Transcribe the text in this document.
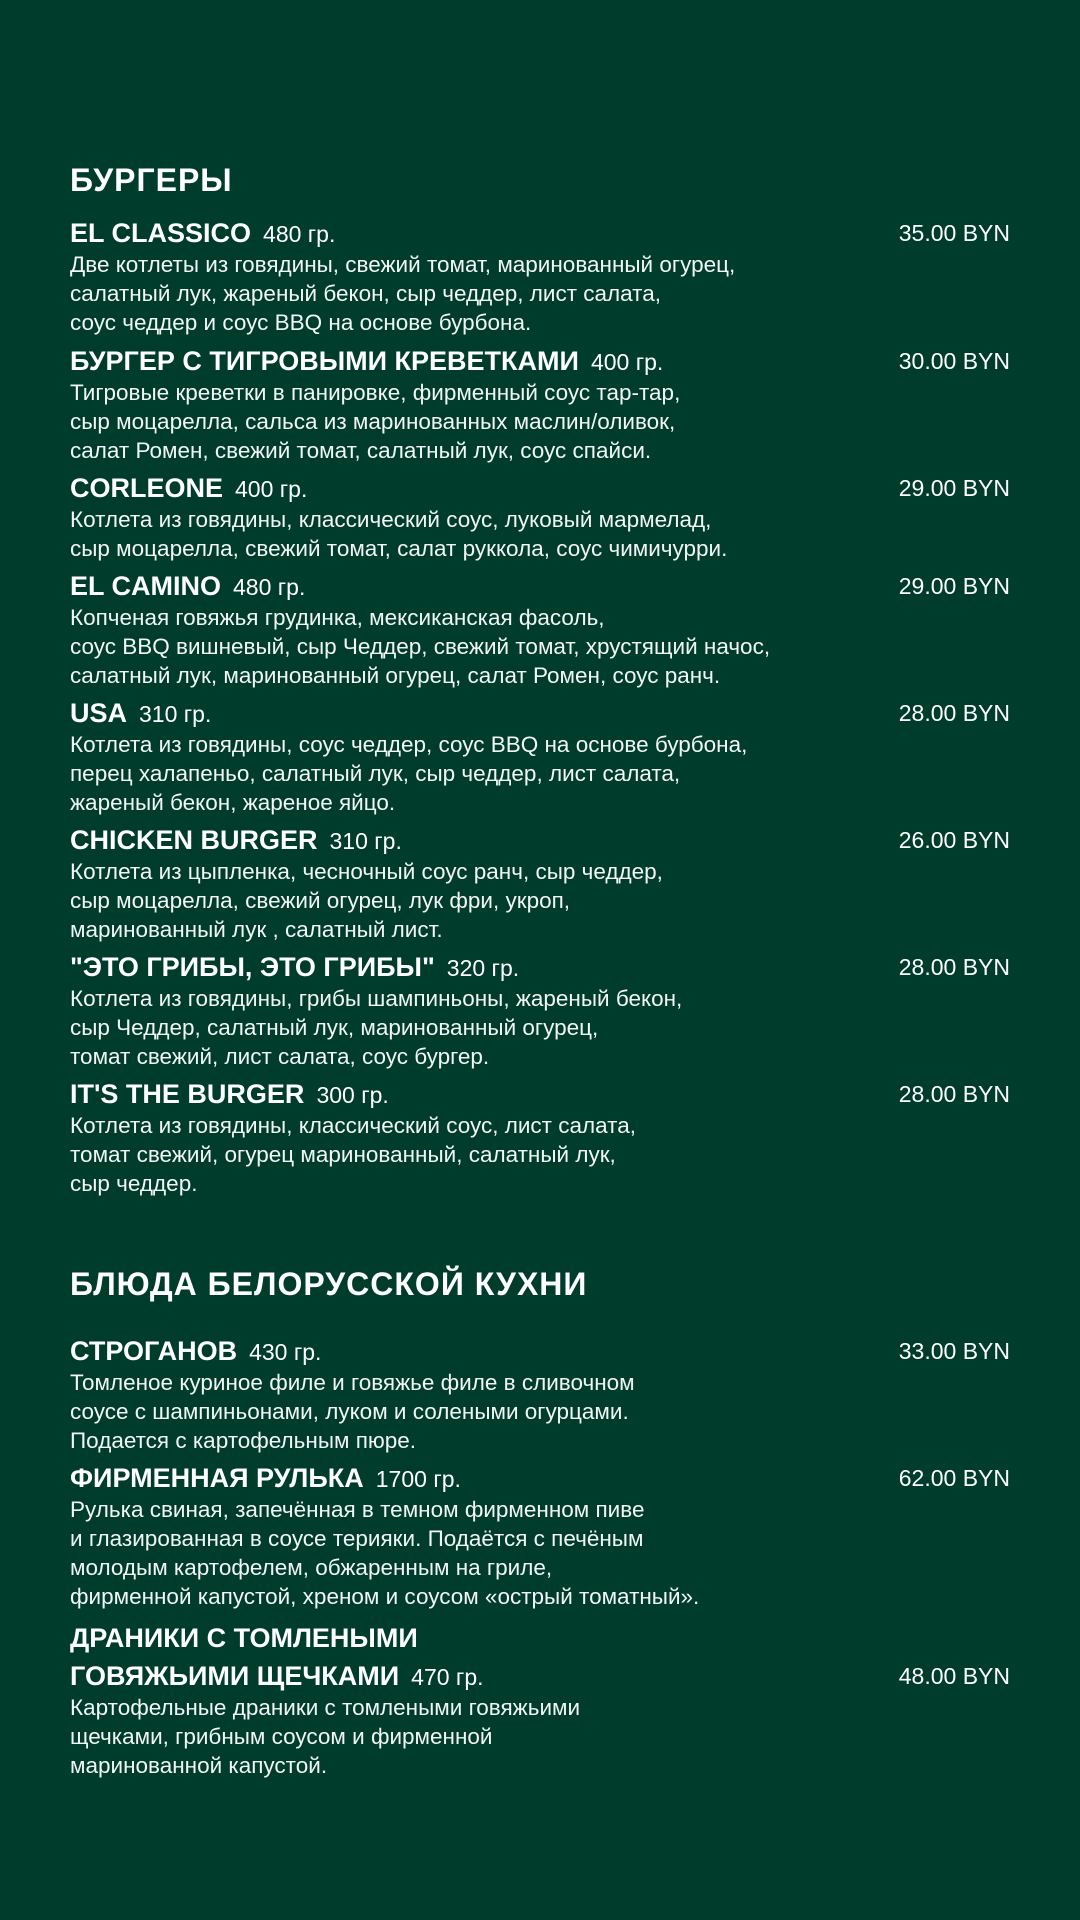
БУРГЕРЫ
EL CLASSICO 480 гр.	35.00 BYN

Две котлеты из говядины, свежий томат, маринованный огурец,
салатный лук, жареный бекон, сыр чеддер, лист салата,
соус чеддер и соус BBQ на основе бурбона.

БУРГЕР С ТИГРОВЫМИ КРЕВЕТКАМИ 400 гр.	30.00 BYN

Тигровые креветки в панировке, фирменный соус тар-тар,
сыр моцарелла, сальса из маринованных маслин/оливок,
салат Ромен, свежий томат, салатный лук, соус спайси.

CORLEONE 400 гр.	29.00 BYN

Котлета из говядины, классический соус, луковый мармелад,
сыр моцарелла, свежий томат, салат руккола, соус чимичурри.

EL CAMINO 480 гр.	29.00 BYN

Копченая говяжья грудинка, мексиканская фасоль,
соус BBQ вишневый, сыр Чеддер, свежий томат, хрустящий начос,
салатный лук, маринованный огурец, салат Ромен, соус ранч.

USA 310 гр.	28.00 BYN

Котлета из говядины, соус чеддер, соус BBQ на основе бурбона,
перец халапеньо, салатный лук, сыр чеддер, лист салата,
жареный бекон, жареное яйцо.

CHICKEN BURGER 310 гр.	26.00 BYN

Котлета из цыпленка, чесночный соус ранч, сыр чеддер,
сыр моцарелла, свежий огурец, лук фри, укроп,
маринованный лук , салатный лист.

"ЭТО ГРИБЫ, ЭТО ГРИБЫ" 320 гр.	28.00 BYN

Котлета из говядины, грибы шампиньоны, жареный бекон,
сыр Чеддер, салатный лук, маринованный огурец,
томат свежий, лист салата, соус бургер.

IT'S THE BURGER 300 гр.	28.00 BYN

Котлета из говядины, классический соус, лист салата,
томат свежий, огурец маринованный, салатный лук,
сыр чеддер.

БЛЮДА БЕЛОРУССКОЙ КУХНИ
СТРОГАНОВ 430 гр.	33.00 BYN

Томленое куриное филе и говяжье филе в сливочном
соусе с шампиньонами, луком и солеными огурцами.
Подается с картофельным пюре.

ФИРМЕННАЯ РУЛЬКА 1700 гр.	62.00 BYN

Рулька свиная, запечённая в темном фирменном пиве
и глазированная в соусе терияки. Подаётся с печёным
молодым картофелем, обжаренным на гриле,
фирменной капустой, хреном и соусом «острый томатный».

ДРАНИКИ С ТОМЛЕНЫМИ
ГОВЯЖЬИМИ ЩЕЧКАМИ 470 гр.	48.00 BYN

Картофельные драники с томлеными говяжьими
щечками, грибным соусом и фирменной
маринованной капустой.
